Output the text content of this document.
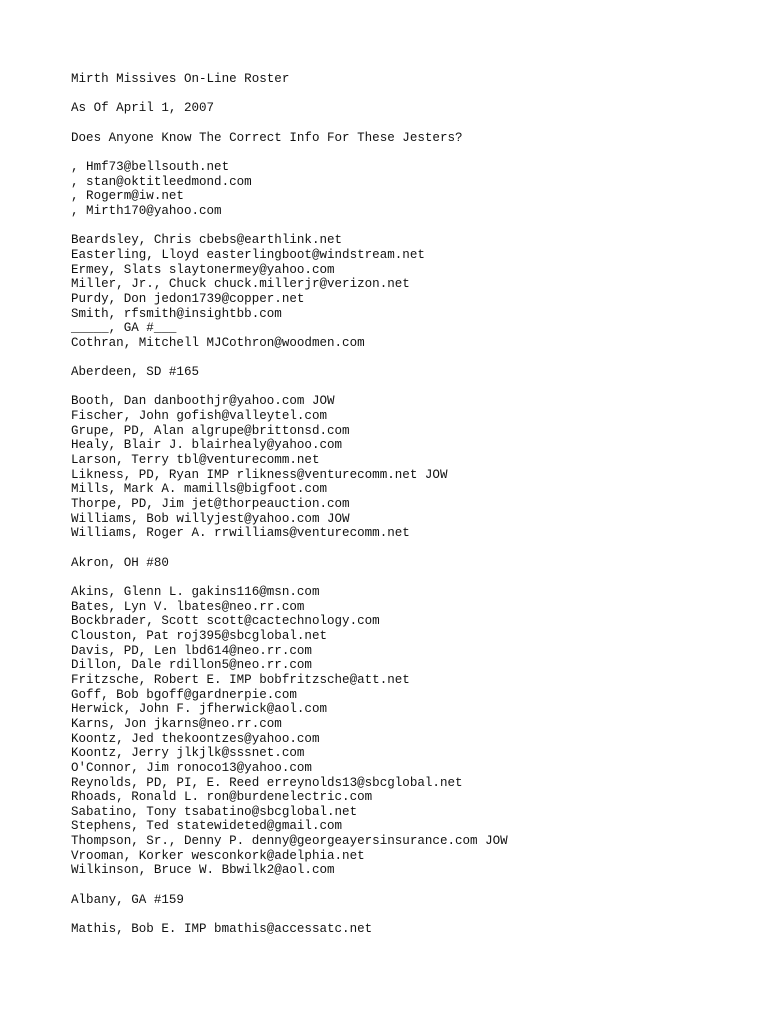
Mirth Missives On-Line Roster
As Of April 1, 2007
Does Anyone Know The Correct Info For These Jesters?
, Hmf73@bellsouth.net
, stan@oktitleedmond.com
, Rogerm@iw.net
, Mirth170@yahoo.com
Beardsley, Chris cbebs@earthlink.net
Easterling, Lloyd easterlingboot@windstream.net
Ermey, Slats slaytonermey@yahoo.com
Miller, Jr., Chuck chuck.millerjr@verizon.net
Purdy, Don jedon1739@copper.net
Smith, rfsmith@insightbb.com
_____, GA #___
Cothran, Mitchell MJCothron@woodmen.com
Aberdeen, SD #165
Booth, Dan danboothjr@yahoo.com JOW
Fischer, John gofish@valleytel.com
Grupe, PD, Alan algrupe@brittonsd.com
Healy, Blair J. blairhealy@yahoo.com
Larson, Terry tbl@venturecomm.net
Likness, PD, Ryan IMP rlikness@venturecomm.net JOW
Mills, Mark A. mamills@bigfoot.com
Thorpe, PD, Jim jet@thorpeauction.com
Williams, Bob willyjest@yahoo.com JOW
Williams, Roger A. rrwilliams@venturecomm.net
Akron, OH #80
Akins, Glenn L. gakins116@msn.com
Bates, Lyn V. lbates@neo.rr.com
Bockbrader, Scott scott@cactechnology.com
Clouston, Pat roj395@sbcglobal.net
Davis, PD, Len lbd614@neo.rr.com
Dillon, Dale rdillon5@neo.rr.com
Fritzsche, Robert E. IMP bobfritzsche@att.net
Goff, Bob bgoff@gardnerpie.com
Herwick, John F. jfherwick@aol.com
Karns, Jon jkarns@neo.rr.com
Koontz, Jed thekoontzes@yahoo.com
Koontz, Jerry jlkjlk@sssnet.com
O'Connor, Jim ronoco13@yahoo.com
Reynolds, PD, PI, E. Reed erreynolds13@sbcglobal.net
Rhoads, Ronald L. ron@burdenelectric.com
Sabatino, Tony tsabatino@sbcglobal.net
Stephens, Ted statewideted@gmail.com
Thompson, Sr., Denny P. denny@georgeayersinsurance.com JOW
Vrooman, Korker wesconkork@adelphia.net
Wilkinson, Bruce W. Bbwilk2@aol.com
Albany, GA #159
Mathis, Bob E. IMP bmathis@accessatc.net
